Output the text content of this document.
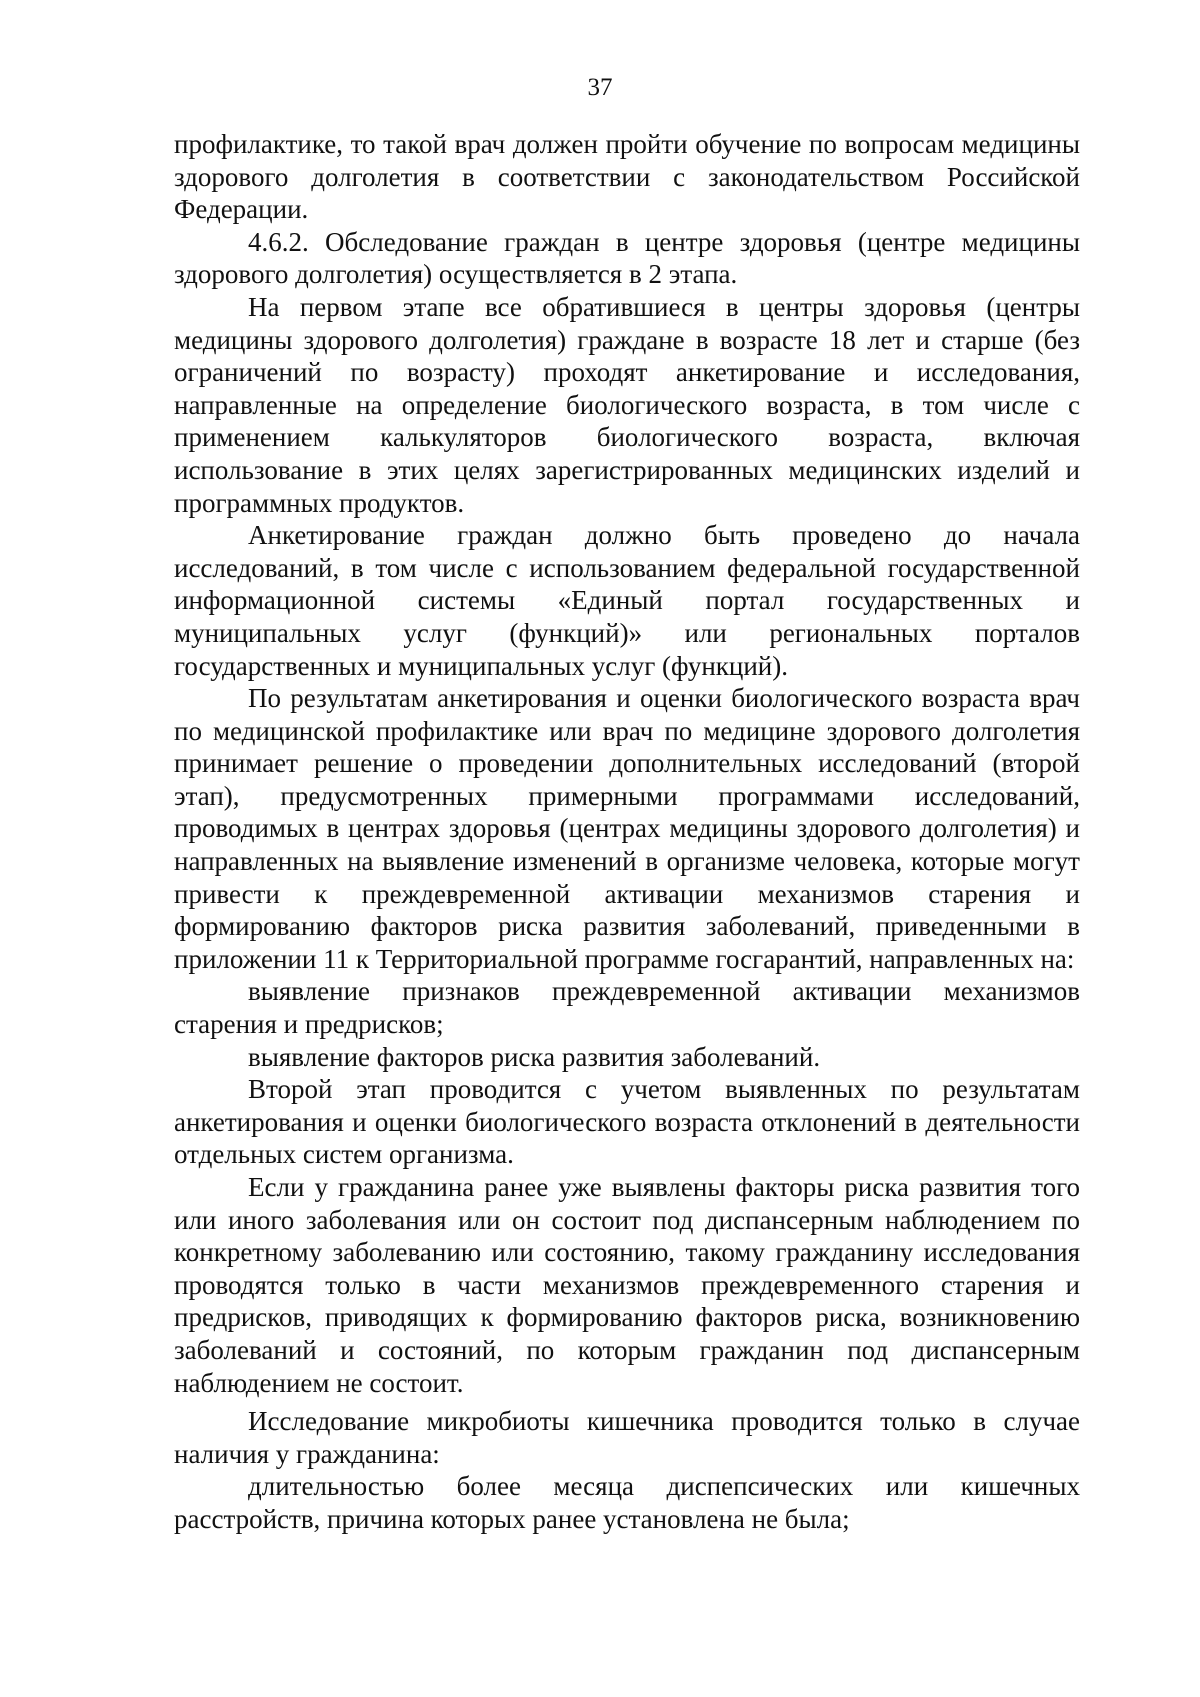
37

профилактике, то такой врач должен пройти обучение по вопросам медицины здорового долголетия в соответствии с законодательством Российской Федерации.

4.6.2. Обследование граждан в центре здоровья (центре медицины здорового долголетия) осуществляется в 2 этапа.

На первом этапе все обратившиеся в центры здоровья (центры медицины здорового долголетия) граждане в возрасте 18 лет и старше (без ограничений по возрасту) проходят анкетирование и исследования, направленные на определение биологического возраста, в том числе с применением калькуляторов биологического возраста, включая использование в этих целях зарегистрированных медицинских изделий и программных продуктов.

Анкетирование граждан должно быть проведено до начала исследований, в том числе с использованием федеральной государственной информационной системы «Единый портал государственных и муниципальных услуг (функций)» или региональных порталов государственных и муниципальных услуг (функций).

По результатам анкетирования и оценки биологического возраста врач по медицинской профилактике или врач по медицине здорового долголетия принимает решение о проведении дополнительных исследований (второй этап), предусмотренных примерными программами исследований, проводимых в центрах здоровья (центрах медицины здорового долголетия) и направленных на выявление изменений в организме человека, которые могут привести к преждевременной активации механизмов старения и формированию факторов риска развития заболеваний, приведенными в приложении 11 к Территориальной программе госгарантий, направленных на:

выявление признаков преждевременной активации механизмов старения и предрисков;

выявление факторов риска развития заболеваний.

Второй этап проводится с учетом выявленных по результатам анкетирования и оценки биологического возраста отклонений в деятельности отдельных систем организма.

Если у гражданина ранее уже выявлены факторы риска развития того или иного заболевания или он состоит под диспансерным наблюдением по конкретному заболеванию или состоянию, такому гражданину исследования проводятся только в части механизмов преждевременного старения и предрисков, приводящих к формированию факторов риска, возникновению заболеваний и состояний, по которым гражданин под диспансерным наблюдением не состоит.

Исследование микробиоты кишечника проводится только в случае наличия у гражданина:

длительностью более месяца диспепсических или кишечных расстройств, причина которых ранее установлена не была;
